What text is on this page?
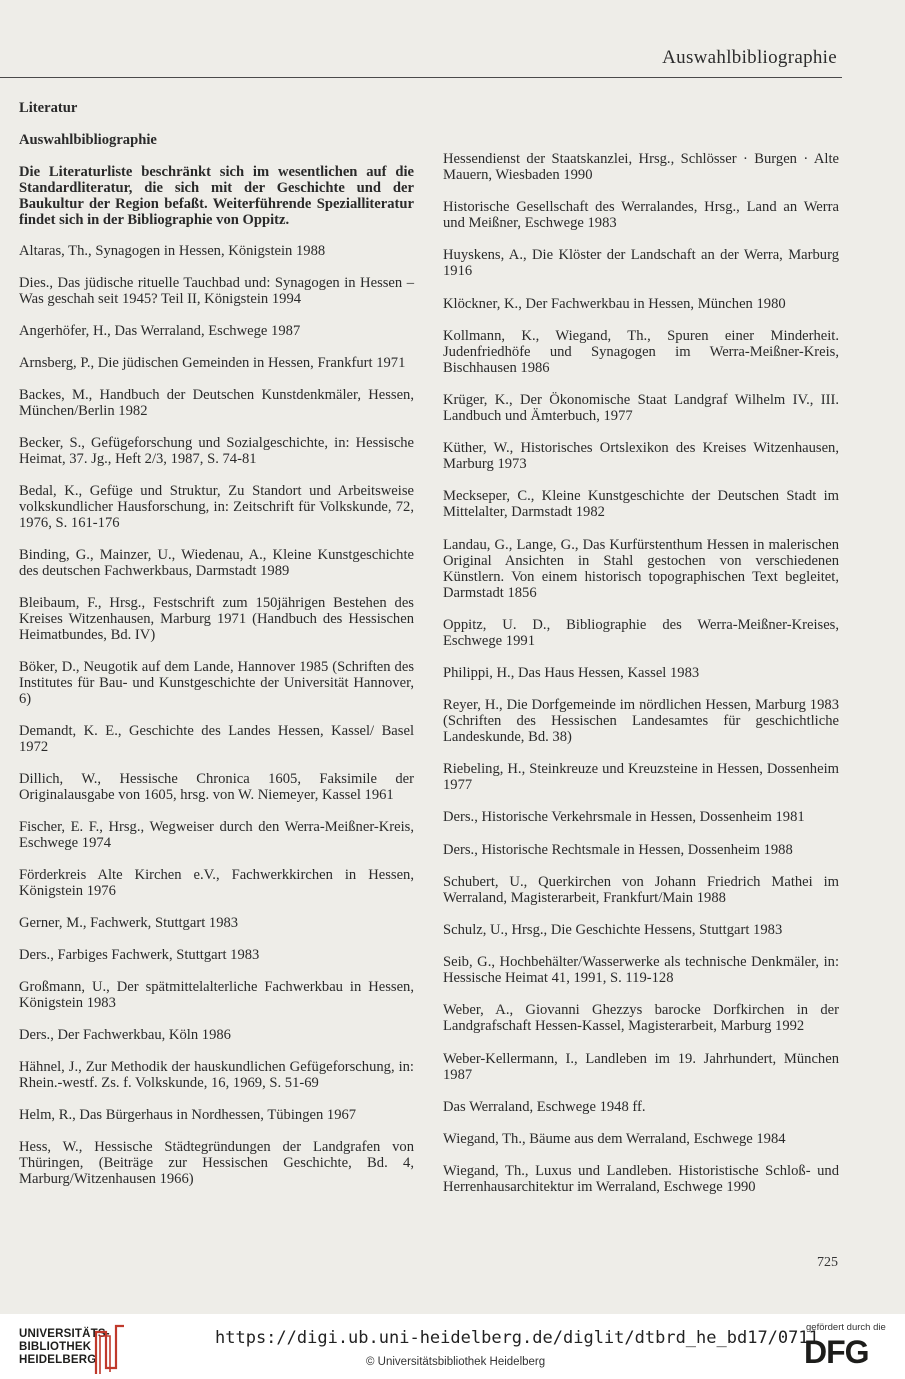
Auswahlbibliographie
Literatur
Auswahlbibliographie
Die Literaturliste beschränkt sich im wesentlichen auf die Standardliteratur, die sich mit der Geschichte und der Baukultur der Region befaßt. Weiterführende Spezialliteratur findet sich in der Bibliographie von Oppitz.
Altaras, Th., Synagogen in Hessen, Königstein 1988
Dies., Das jüdische rituelle Tauchbad und: Synagogen in Hessen – Was geschah seit 1945? Teil II, Königstein 1994
Angerhöfer, H., Das Werraland, Eschwege 1987
Arnsberg, P., Die jüdischen Gemeinden in Hessen, Frankfurt 1971
Backes, M., Handbuch der Deutschen Kunstdenkmäler, Hessen, München/Berlin 1982
Becker, S., Gefügeforschung und Sozialgeschichte, in: Hessische Heimat, 37. Jg., Heft 2/3, 1987, S. 74-81
Bedal, K., Gefüge und Struktur, Zu Standort und Arbeitsweise volkskundlicher Hausforschung, in: Zeitschrift für Volkskunde, 72, 1976, S. 161-176
Binding, G., Mainzer, U., Wiedenau, A., Kleine Kunstgeschichte des deutschen Fachwerkbaus, Darmstadt 1989
Bleibaum, F., Hrsg., Festschrift zum 150jährigen Bestehen des Kreises Witzenhausen, Marburg 1971 (Handbuch des Hessischen Heimatbundes, Bd. IV)
Böker, D., Neugotik auf dem Lande, Hannover 1985 (Schriften des Institutes für Bau- und Kunstgeschichte der Universität Hannover, 6)
Demandt, K. E., Geschichte des Landes Hessen, Kassel/ Basel 1972
Dillich, W., Hessische Chronica 1605, Faksimile der Originalausgabe von 1605, hrsg. von W. Niemeyer, Kassel 1961
Fischer, E. F., Hrsg., Wegweiser durch den Werra-Meißner-Kreis, Eschwege 1974
Förderkreis Alte Kirchen e.V., Fachwerkkirchen in Hessen, Königstein 1976
Gerner, M., Fachwerk, Stuttgart 1983
Ders., Farbiges Fachwerk, Stuttgart 1983
Großmann, U., Der spätmittelalterliche Fachwerkbau in Hessen, Königstein 1983
Ders., Der Fachwerkbau, Köln 1986
Hähnel, J., Zur Methodik der hauskundlichen Gefügeforschung, in: Rhein.-westf. Zs. f. Volkskunde, 16, 1969, S. 51-69
Helm, R., Das Bürgerhaus in Nordhessen, Tübingen 1967
Hess, W., Hessische Städtegründungen der Landgrafen von Thüringen, (Beiträge zur Hessischen Geschichte, Bd. 4, Marburg/Witzenhausen 1966)
Hessendienst der Staatskanzlei, Hrsg., Schlösser · Burgen · Alte Mauern, Wiesbaden 1990
Historische Gesellschaft des Werralandes, Hrsg., Land an Werra und Meißner, Eschwege 1983
Huyskens, A., Die Klöster der Landschaft an der Werra, Marburg 1916
Klöckner, K., Der Fachwerkbau in Hessen, München 1980
Kollmann, K., Wiegand, Th., Spuren einer Minderheit. Judenfriedhöfe und Synagogen im Werra-Meißner-Kreis, Bischhausen 1986
Krüger, K., Der Ökonomische Staat Landgraf Wilhelm IV., III. Landbuch und Ämterbuch, 1977
Küther, W., Historisches Ortslexikon des Kreises Witzenhausen, Marburg 1973
Meckseper, C., Kleine Kunstgeschichte der Deutschen Stadt im Mittelalter, Darmstadt 1982
Landau, G., Lange, G., Das Kurfürstenthum Hessen in malerischen Original Ansichten in Stahl gestochen von verschiedenen Künstlern. Von einem historisch topographischen Text begleitet, Darmstadt 1856
Oppitz, U. D., Bibliographie des Werra-Meißner-Kreises, Eschwege 1991
Philippi, H., Das Haus Hessen, Kassel 1983
Reyer, H., Die Dorfgemeinde im nördlichen Hessen, Marburg 1983 (Schriften des Hessischen Landesamtes für geschichtliche Landeskunde, Bd. 38)
Riebeling, H., Steinkreuze und Kreuzsteine in Hessen, Dossenheim 1977
Ders., Historische Verkehrsmale in Hessen, Dossenheim 1981
Ders., Historische Rechtsmale in Hessen, Dossenheim 1988
Schubert, U., Querkirchen von Johann Friedrich Mathei im Werraland, Magisterarbeit, Frankfurt/Main 1988
Schulz, U., Hrsg., Die Geschichte Hessens, Stuttgart 1983
Seib, G., Hochbehälter/Wasserwerke als technische Denkmäler, in: Hessische Heimat 41, 1991, S. 119-128
Weber, A., Giovanni Ghezzys barocke Dorfkirchen in der Landgrafschaft Hessen-Kassel, Magisterarbeit, Marburg 1992
Weber-Kellermann, I., Landleben im 19. Jahrhundert, München 1987
Das Werraland, Eschwege 1948 ff.
Wiegand, Th., Bäume aus dem Werraland, Eschwege 1984
Wiegand, Th., Luxus und Landleben. Historistische Schloß- und Herrenhausarchitektur im Werraland, Eschwege 1990
725
UNIVERSITÄTS-
BIBLIOTHEK
HEIDELBERG
https://digi.ub.uni-heidelberg.de/diglit/dtbrd_he_bd17/0711
© Universitätsbibliothek Heidelberg
gefördert durch die
DFG
